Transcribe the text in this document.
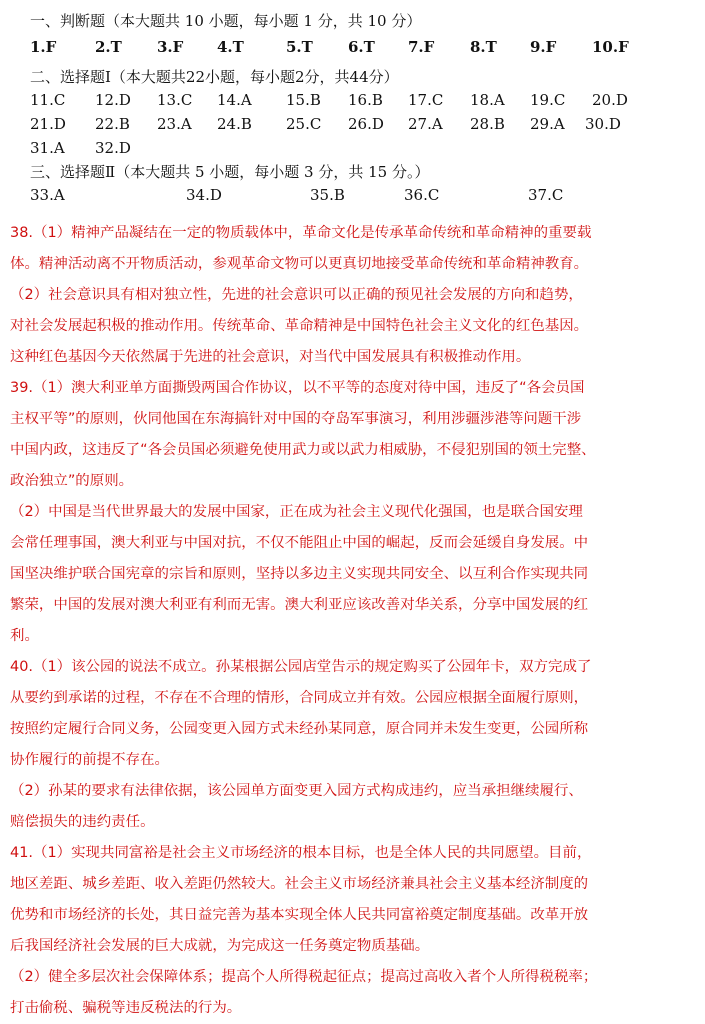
一、判断题（本大题共 10 小题，每小题 1 分，共 10 分）
1.F	2.T 3.F 4.T	5.T 6.T 7.F 8.T 9.F 10.F
二、选择题Ⅰ（本大题共22小题，每小题2分，共44分）
11.C 12.D 13.C 14.A 15.B 16.B 17.C 18.A 19.C 20.D
21.D 22.B 23.A 24.B 25.C 26.D 27.A 28.B 29.A 30.D
31.A 32.D
三、选择题Ⅱ（本大题共 5 小题，每小题 3 分，共 15 分。）
33.A	34.D	35.B	36.C	37.C

38.（1）精神产品凝结在一定的物质载体中，革命文化是传承革命传统和革命精神的重要载

体。精神活动离不开物质活动，参观革命文物可以更真切地接受革命传统和革命精神教育。

（2）社会意识具有相对独立性，先进的社会意识可以正确的预见社会发展的方向和趋势，

对社会发展起积极的推动作用。传统革命、革命精神是中国特色社会主义文化的红色基因。

这种红色基因今天依然属于先进的社会意识，对当代中国发展具有积极推动作用。

39.（1）澳大利亚单方面撕毁两国合作协议，以不平等的态度对待中国，违反了“各会员国

主权平等”的原则，伙同他国在东海搞针对中国的夺岛军事演习，利用涉疆涉港等问题干涉

中国内政，这违反了“各会员国必须避免使用武力或以武力相威胁，不侵犯别国的领土完整、

政治独立”的原则。

（2）中国是当代世界最大的发展中国家，正在成为社会主义现代化强国，也是联合国安理

会常任理事国，澳大利亚与中国对抗，不仅不能阻止中国的崛起，反而会延缓自身发展。中

国坚决维护联合国宪章的宗旨和原则，坚持以多边主义实现共同安全、以互利合作实现共同

繁荣，中国的发展对澳大利亚有利而无害。澳大利亚应该改善对华关系，分享中国发展的红

利。

40.（1）该公园的说法不成立。孙某根据公园店堂告示的规定购买了公园年卡，双方完成了

从要约到承诺的过程，不存在不合理的情形，合同成立并有效。公园应根据全面履行原则，

按照约定履行合同义务，公园变更入园方式未经孙某同意，原合同并未发生变更，公园所称

协作履行的前提不存在。

（2）孙某的要求有法律依据，该公园单方面变更入园方式构成违约，应当承担继续履行、

赔偿损失的违约责任。

41.（1）实现共同富裕是社会主义市场经济的根本目标，也是全体人民的共同愿望。目前，

地区差距、城乡差距、收入差距仍然较大。社会主义市场经济兼具社会主义基本经济制度的

优势和市场经济的长处，其日益完善为基本实现全体人民共同富裕奠定制度基础。改革开放

后我国经济社会发展的巨大成就，为完成这一任务奠定物质基础。

（2）健全多层次社会保障体系；提高个人所得税起征点；提高过高收入者个人所得税税率；

打击偷税、骗税等违反税法的行为。
